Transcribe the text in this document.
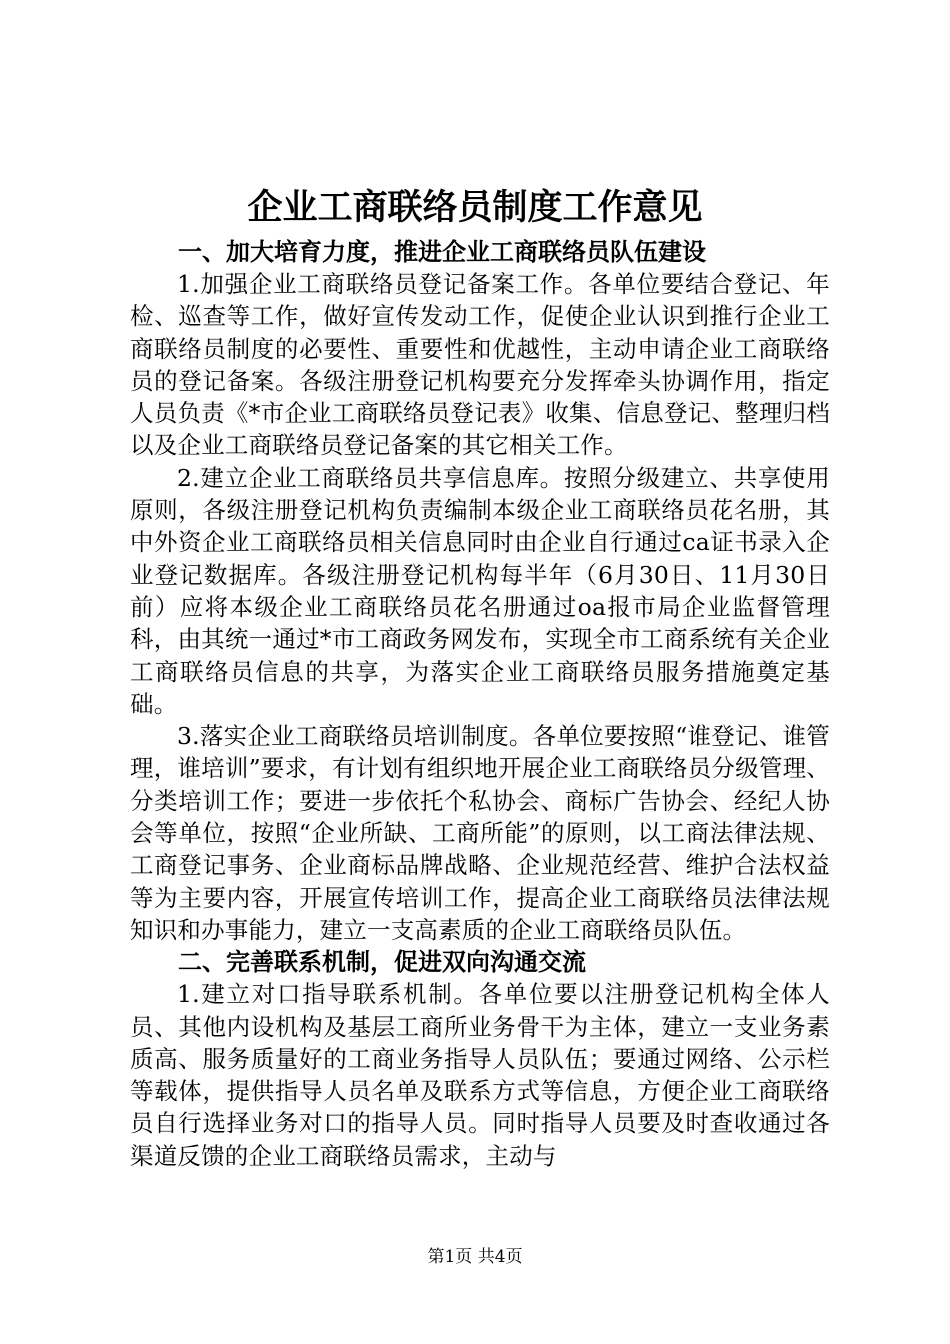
企业工商联络员制度工作意见
一、加大培育力度，推进企业工商联络员队伍建设

1.加强企业工商联络员登记备案工作。各单位要结合登记、年检、巡查等工作，做好宣传发动工作，促使企业认识到推行企业工商联络员制度的必要性、重要性和优越性，主动申请企业工商联络员的登记备案。各级注册登记机构要充分发挥牵头协调作用，指定人员负责《*市企业工商联络员登记表》收集、信息登记、整理归档以及企业工商联络员登记备案的其它相关工作。

2.建立企业工商联络员共享信息库。按照分级建立、共享使用原则，各级注册登记机构负责编制本级企业工商联络员花名册，其中外资企业工商联络员相关信息同时由企业自行通过ca证书录入企业登记数据库。各级注册登记机构每半年（6月30日、11月30日前）应将本级企业工商联络员花名册通过oa报市局企业监督管理科，由其统一通过*市工商政务网发布，实现全市工商系统有关企业工商联络员信息的共享，为落实企业工商联络员服务措施奠定基础。

3.落实企业工商联络员培训制度。各单位要按照“谁登记、谁管理，谁培训”要求，有计划有组织地开展企业工商联络员分级管理、分类培训工作；要进一步依托个私协会、商标广告协会、经纪人协会等单位，按照“企业所缺、工商所能”的原则，以工商法律法规、工商登记事务、企业商标品牌战略、企业规范经营、维护合法权益等为主要内容，开展宣传培训工作，提高企业工商联络员法律法规知识和办事能力，建立一支高素质的企业工商联络员队伍。

二、完善联系机制，促进双向沟通交流

1.建立对口指导联系机制。各单位要以注册登记机构全体人员、其他内设机构及基层工商所业务骨干为主体，建立一支业务素质高、服务质量好的工商业务指导人员队伍；要通过网络、公示栏等载体，提供指导人员名单及联系方式等信息，方便企业工商联络员自行选择业务对口的指导人员。同时指导人员要及时查收通过各渠道反馈的企业工商联络员需求，主动与

第1页 共4页
